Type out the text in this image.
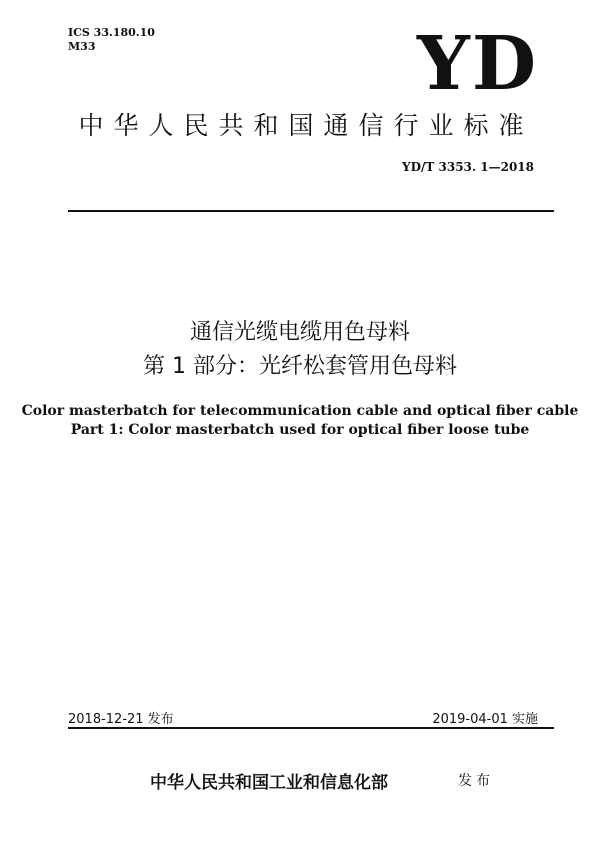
ICS 33.180.10
M33	YD
中华人民共和国通信行业标准
YD/T 3353. 1—2018
通信光缆电缆用色母料
第 1 部分：光纤松套管用色母料
Color masterbatch for telecommunication cable and optical fiber cable
Part 1: Color masterbatch used for optical fiber loose tube
2018-12-21 发布	2019-04-01 实施
中华人民共和国工业和信息化部	发布
